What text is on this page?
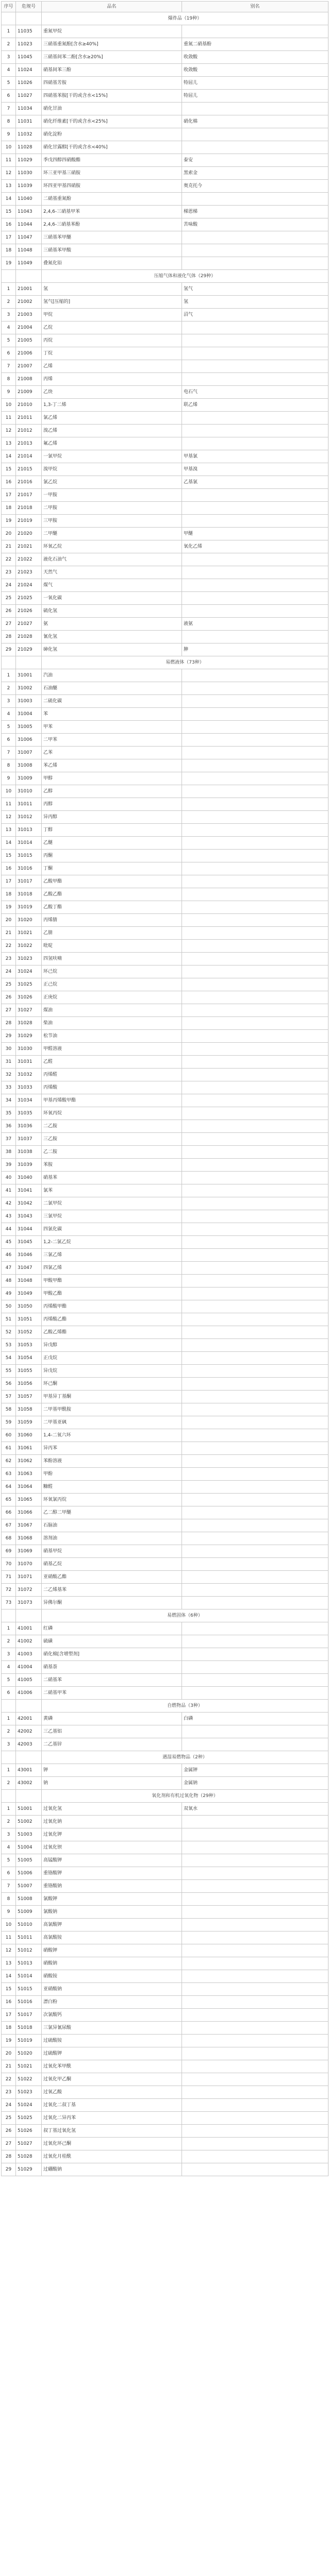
序号	危规号	品名	别名
		爆炸品（19种）	
1	11035	重氮甲烷	
2	11023	三硝基重氮酚[含水≥40%]	重氮二硝基酚
3	11045	三硝基间苯二酚[含水≥20%]	收敛酸
4	11024	硝基间苯三酚	收敛酸
5	11026	四硝基芳胺	特屈儿
6	11027	四硝基苯胺[干的或含水<15%]	特屈儿
7	11034	硝化甘油	
8	11031	硝化纤维素[干的或含水<25%]	硝化棉
9	11032	硝化淀粉	
10	11028	硝化甘露醇[干的或含水<40%]	
11	11029	季戊四醇四硝酸酯	泰安
12	11030	环三亚甲基三硝胺	黑索金
13	11039	环四亚甲基四硝胺	奥克托今
14	11040	二硝基重氮酚	
15	11043	2,4,6-三硝基甲苯	梯恩梯
16	11044	2,4,6-三硝基苯酚	苦味酸
17	11047	三硝基苯甲醚	
18	11048	三硝基苯甲酸	
19	11049	叠氮化铅	
		压缩气体和液化气体（29种）	
1	21001	氢	氢气
2	21002	氢气[压缩的]	氢
3	21003	甲烷	沼气
4	21004	乙烷	
5	21005	丙烷	
6	21006	丁烷	
7	21007	乙烯	
8	21008	丙烯	
9	21009	乙炔	电石气
10	21010	1,3-丁二烯	联乙烯
11	21011	氯乙烯	
12	21012	溴乙烯	
13	21013	氟乙烯	
14	21014	一氯甲烷	甲基氯
15	21015	溴甲烷	甲基溴
16	21016	氯乙烷	乙基氯
17	21017	一甲胺	
18	21018	二甲胺	
19	21019	三甲胺	
20	21020	二甲醚	甲醚
21	21021	环氧乙烷	氧化乙烯
22	21022	液化石油气	
23	21023	天然气	
24	21024	煤气	
25	21025	一氧化碳	
26	21026	硫化氢	
27	21027	氨	液氨
28	21028	氰化氢	
29	21029	砷化氢	胂
		易燃液体（73种）	
1	31001	汽油	
2	31002	石油醚	
3	31003	二硫化碳	
4	31004	苯	
5	31005	甲苯	
6	31006	二甲苯	
7	31007	乙苯	
8	31008	苯乙烯	
9	31009	甲醇	
10	31010	乙醇	
11	31011	丙醇	
12	31012	异丙醇	
13	31013	丁醇	
14	31014	乙醚	
15	31015	丙酮	
16	31016	丁酮	
17	31017	乙酸甲酯	
18	31018	乙酸乙酯	
19	31019	乙酸丁酯	
20	31020	丙烯腈	
21	31021	乙腈	
22	31022	吡啶	
23	31023	四氢呋喃	
24	31024	环己烷	
25	31025	正己烷	
26	31026	正庚烷	
27	31027	煤油	
28	31028	柴油	
29	31029	松节油	
30	31030	甲醛溶液	
31	31031	乙醛	
32	31032	丙烯醛	
33	31033	丙烯酸	
34	31034	甲基丙烯酸甲酯	
35	31035	环氧丙烷	
36	31036	二乙胺	
37	31037	三乙胺	
38	31038	乙二胺	
39	31039	苯胺	
40	31040	硝基苯	
41	31041	氯苯	
42	31042	二氯甲烷	
43	31043	三氯甲烷	
44	31044	四氯化碳	
45	31045	1,2-二氯乙烷	
46	31046	三氯乙烯	
47	31047	四氯乙烯	
48	31048	甲酸甲酯	
49	31049	甲酸乙酯	
50	31050	丙烯酸甲酯	
51	31051	丙烯酸乙酯	
52	31052	乙酸乙烯酯	
53	31053	异戊醇	
54	31054	正戊烷	
55	31055	异戊烷	
56	31056	环己酮	
57	31057	甲基异丁基酮	
58	31058	二甲基甲酰胺	
59	31059	二甲基亚砜	
60	31060	1,4-二氧六环	
61	31061	异丙苯	
62	31062	苯酚溶液	
63	31063	甲酚	
64	31064	糠醛	
65	31065	环氧氯丙烷	
66	31066	乙二醇二甲醚	
67	31067	石脑油	
68	31068	溶剂油	
69	31069	硝基甲烷	
70	31070	硝基乙烷	
71	31071	亚硝酸乙酯	
72	31072	二乙烯基苯	
73	31073	异佛尔酮	
		易燃固体（6种）	
1	41001	红磷	
2	41002	硫磺	
3	41003	硝化棉[含增塑剂]	
4	41004	硝基萘	
5	41005	二硝基苯	
6	41006	二硝基甲苯	
		自燃物品（3种）	
1	42001	黄磷	白磷
2	42002	三乙基铝	
3	42003	二乙基锌	
		遇湿易燃物品（2种）	
1	43001	钾	金属钾
2	43002	钠	金属钠
		氧化剂和有机过氧化物（29种）	
1	51001	过氧化氢	双氧水
2	51002	过氧化钠	
3	51003	过氧化钾	
4	51004	过氧化钡	
5	51005	高锰酸钾	
6	51006	重铬酸钾	
7	51007	重铬酸钠	
8	51008	氯酸钾	
9	51009	氯酸钠	
10	51010	高氯酸钾	
11	51011	高氯酸铵	
12	51012	硝酸钾	
13	51013	硝酸钠	
14	51014	硝酸铵	
15	51015	亚硝酸钠	
16	51016	漂白粉	
17	51017	次氯酸钙	
18	51018	三氯异氰尿酸	
19	51019	过硫酸铵	
20	51020	过硫酸钾	
21	51021	过氧化苯甲酰	
22	51022	过氧化甲乙酮	
23	51023	过氧乙酸	
24	51024	过氧化二叔丁基	
25	51025	过氧化二异丙苯	
26	51026	叔丁基过氧化氢	
27	51027	过氧化环己酮	
28	51028	过氧化月桂酰	
29	51029	过硼酸钠	
